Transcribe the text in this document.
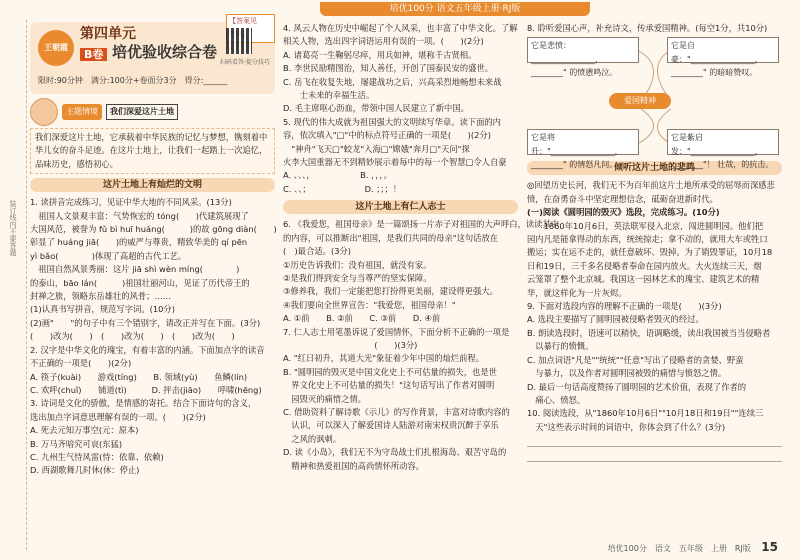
培优100分 语文五年级上册·RJ版
装订线内不要答题
王朝霞
第四单元
B卷 培优验收综合卷
【答案见
扫码看答·提分技巧
限时:90分钟　满分:100分+卷面分3分　得分:______
主题情境	我们深爱这片土地
我们深爱这片土地，它承载着中华民族的记忆与梦想，镌刻着中华儿女的奋斗足迹。在这片土地上，让我们一起踏上一次追忆，品味历史，感悟初心。
这片土地上有灿烂的文明
1. 读拼音完成练习，见证中华大地的不同风采。(13分)
　祖国人文景观丰富：气势恢宏的 tóng(　　)代建筑展现了
大国风范，被誉为 fǔ bì huī huáng(　　　)的故 gōng diàn(　　)
彰显了 huáng jiā(　　)的威严与尊贵，精致华美的 qí pēn
yì bǎo(　　　　)体现了高超的古代工艺。
　祖国自然风景秀丽：这片 jiā shì wèn míng(　　　　)
的泰山，bāo lán(　　　)祖国壮丽河山，见证了历代帝王的
封禅之旅，领略东岳雄壮的风骨；……
(1)认真书写拼音，规范写字词。(10分)
(2)画"　　"的句子中有三个错别字，请改正并写在下面。(3分)
(　　)改为(　　)　(　　)改为(　　)　(　　)改为(　　)
2. 汉字是中华文化的瑰宝，有着丰富的内涵。下面加点字的读音
不正确的一项是(　　)(2分)
A. 筷子(kuài)　　游戏(tíng)　　B. 领域(yù)　　鱼鳞(lín)
C. 欢呼(chuǐ)　　铺道(tì)　　　D. 抨击(jiāo)　　呼啸(hēng)
3. 诗词是文化的骄傲，是情感的寄托。结合下面诗句的含义，
选出加点字词意思理解有误的一项。(　　)(2分)
A. 死去元知万事空(元：原本)
B. 万马齐喑究可哀(东猛)
C. 九州生气恃风雷(恃：依靠、依赖)
D. 西湖歌舞几时休(休：停止)
4. 风云人物在历史中崛起了个人风采，也丰富了中华文化。了解
相关人物，选出四字词语运用有误的一项。(　　)(2分)
A. 诸葛亮一生鞠躬尽瘁，用兵如神，堪称千古贤相。
B. 李世民励精图治，知人善任，开创了国泰民安的盛世。
C. 岳飞在收复失地，屡建战功之后，兴高采烈地畅想未来战
　　士未来的幸福生活。
D. 毛主席呕心沥血，带领中国人民建立了新中国。
5. 现代的伟大成就为祖国强大的文明续写华章。读下面的内
容，依次填入"□"中的标点符号正确的一项是(　　)(2分)
　"神舟"飞天□"蛟龙"入海□"嫦娥"奔月□"天问"探
火李大国重器无不到精妙展示着每中的每一个智慧□令人自豪
A. 、、、，　　　　　　B. ，，，。
C. 、、；　　　　　　　D. ；；；！
这片土地上有仁人志士
6. 《我爱您，祖国母亲》是一篇颂扬一片赤子对祖国的大声呼白，读读其中
的内容，可以推断出"祖国，是我们共同的母亲"这句话放在
(　)最合适。(3分)
①历史告诉我们：没有祖国，就没有家。
②是我们得到安全与当尊严的坚实保障。
③修养我，我们一定能把您打扮得更美丽，建设得更强大。
④我们要向全世界宣告："我爱您，祖国母亲！"
A. ①前　　B. ②前　　C. ③前　　D. ④前
7. 仁人志士用笔墨诉说了爱国情怀，下面分析不正确的一项是
　　　　　　　　　　　(　　)(3分)
A. "红日初升，其道大光"象征着少年中国的灿烂前程。
B. "圆明园的毁灭是中国文化史上不可估量的损失，也是世
　界文化史上不可估量的损失！"这句话写出了作者对圆明
　园毁灭的痛惜之情。
C. 借助资料了解诗歌《示儿》的写作背景，丰富对诗歌内容的
　认识，可以深入了解爱国诗人陆游对南宋权贵沉醉于享乐
　之风的讽刺。
D. 读《小岛》，我们无不为守岛战士们扎根海岛、艰苦守岛的
　精神和热爱祖国的高尚情怀所动容。
8. 聆听爱国心声，补充诗文，传承爱国精神。(每空1分，共10分)
它是悲愤：________________，________" 的愤懑鸣泣。
它是自豪："________________，________" 的暗暗赞叹。
爱国精神
它是将升："________________，________" 的情怒凡问。
它是紫启发："________________，________"！ 壮哉，的抗击。
倾听这片土地的悲鸣
◎回望历史长河，我们无不为百年前这片土地所承受的屈辱而深感悲愤，在奋勇奋斗中坚定理想信念，砥砺奋进新时代。
(一)阅读《圆明园的毁灭》选段，完成练习。(10分)
　　1860年10月6日，英法联军侵入北京，闯进圆明园。他们把
园内凡是能拿得动的东西，统统掠走；拿不动的，就用大车或牲口
搬运；实在运不走的，就任意破坏、毁掉。为了销毁罪证，10月18
日和19日，三千多名侵略者奉命在园内放火。大火连续三天，烟
云笼罩了整个北京城。我国这一园林艺术的瑰宝、建筑艺术的精
华，就这样化为一片灰烬。
9. 下面对选段内容的理解不正确的一项是(　　)(3分)
A. 选段主要描写了圆明园被侵略者毁灭的经过。
B. 朗读选段时，语速可以稍快，语调略缓，读出我国被当当侵略者
　以暴行的愤慨。
C. 加点词语"凡是""统统""任意"写出了侵略者的贪婪、野蛮
　与暴力，以及作者对圆明园被毁的痛惜与愤怒之情。
D. 最后一句话高度赞扬了圆明园的艺术价值，表现了作者的
　痛心、愤怒。
10. 阅读选段，从"1860年10月6日""10月18日和19日""连续三
　天"这些表示时间的词语中，你体会到了什么？(3分)
培优100分　语文　五年级　上册　RJ版 15
